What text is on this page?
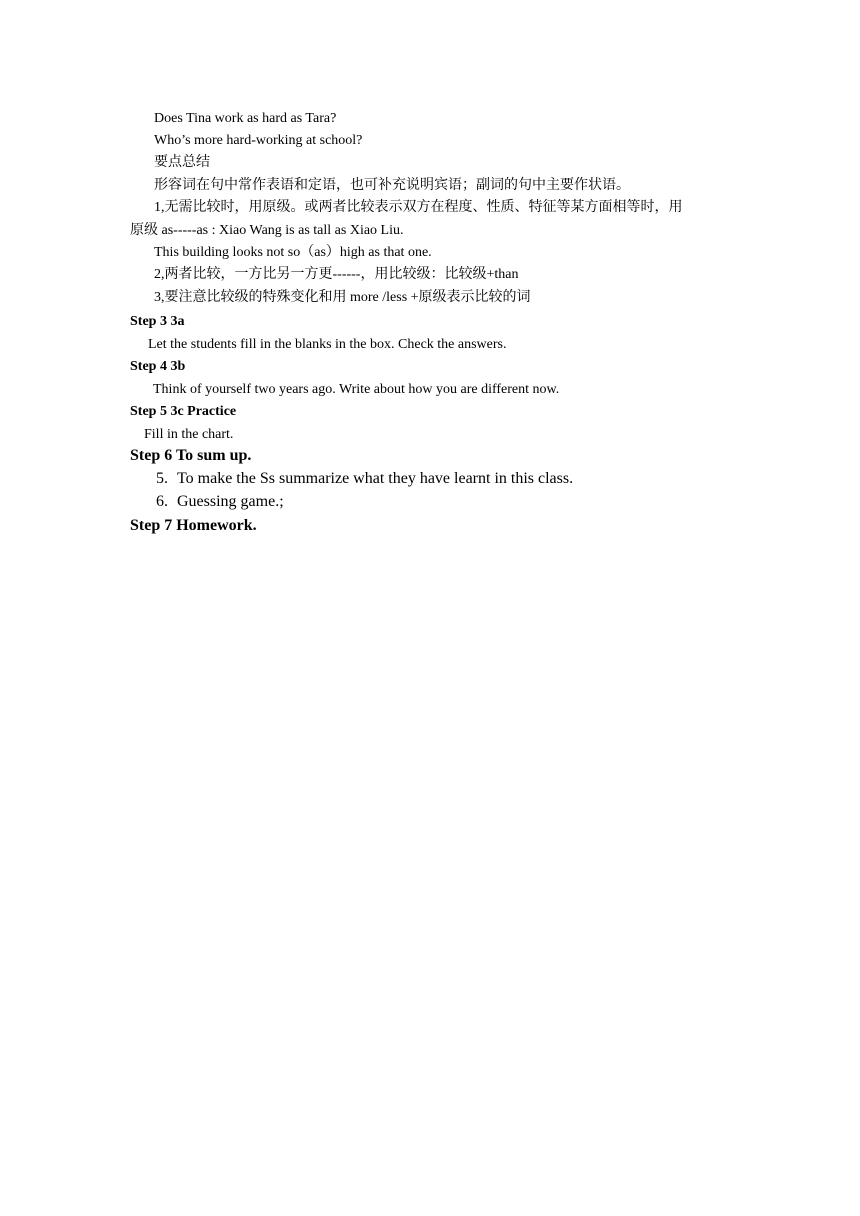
Does Tina work as hard as Tara?
Who’s more hard-working at school?
要点总结
形容词在句中常作表语和定语，也可补充说明宾语；副词的句中主要作状语。
1,无需比较时，用原级。或两者比较表示双方在程度、性质、特征等某方面相等时，用
原级 as-----as : Xiao Wang is as tall as Xiao Liu.
This building looks not so（as）high as that one.
2,两者比较，一方比另一方更------，用比较级：比较级+than
3,要注意比较级的特殊变化和用 more /less +原级表示比较的词
Step 3 3a
Let the students fill in the blanks in the box. Check the answers.
Step 4 3b
Think of yourself two years ago. Write about how you are different now.
Step 5 3c Practice
Fill in the chart.
Step 6 To sum up.
5. To make the Ss summarize what they have learnt in this class.
6. Guessing game.;
Step 7 Homework.
